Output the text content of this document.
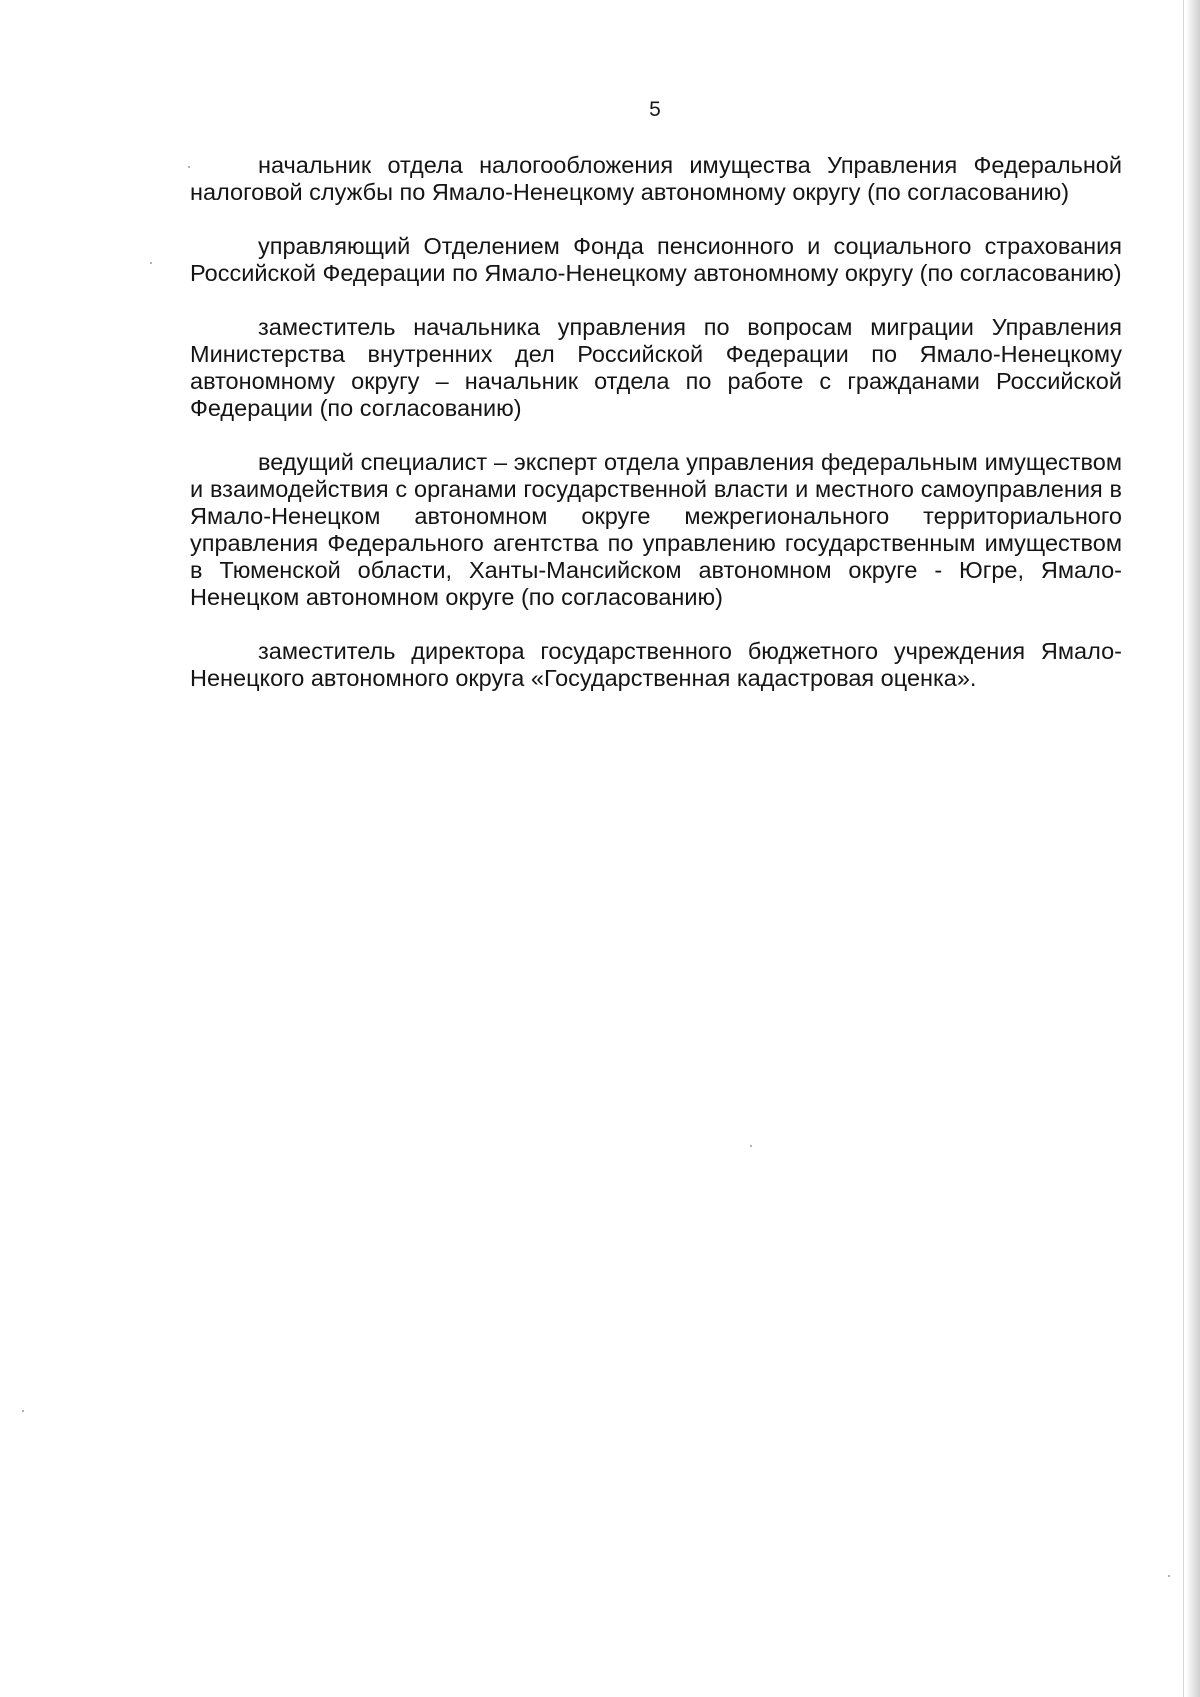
5

начальник отдела налогообложения имущества Управления Федеральной налоговой службы по Ямало-Ненецкому автономному округу (по согласованию)

управляющий Отделением Фонда пенсионного и социального страхования Российской Федерации по Ямало-Ненецкому автономному округу (по согласованию)

заместитель начальника управления по вопросам миграции Управления Министерства внутренних дел Российской Федерации по Ямало-Ненецкому автономному округу – начальник отдела по работе с гражданами Российской Федерации (по согласованию)

ведущий специалист – эксперт отдела управления федеральным имуществом и взаимодействия с органами государственной власти и местного самоуправления в Ямало-Ненецком автономном округе межрегионального территориального управления Федерального агентства по управлению государственным имуществом в Тюменской области, Ханты-Мансийском автономном округе - Югре, Ямало-Ненецком автономном округе (по согласованию)

заместитель директора государственного бюджетного учреждения Ямало-Ненецкого автономного округа «Государственная кадастровая оценка».
